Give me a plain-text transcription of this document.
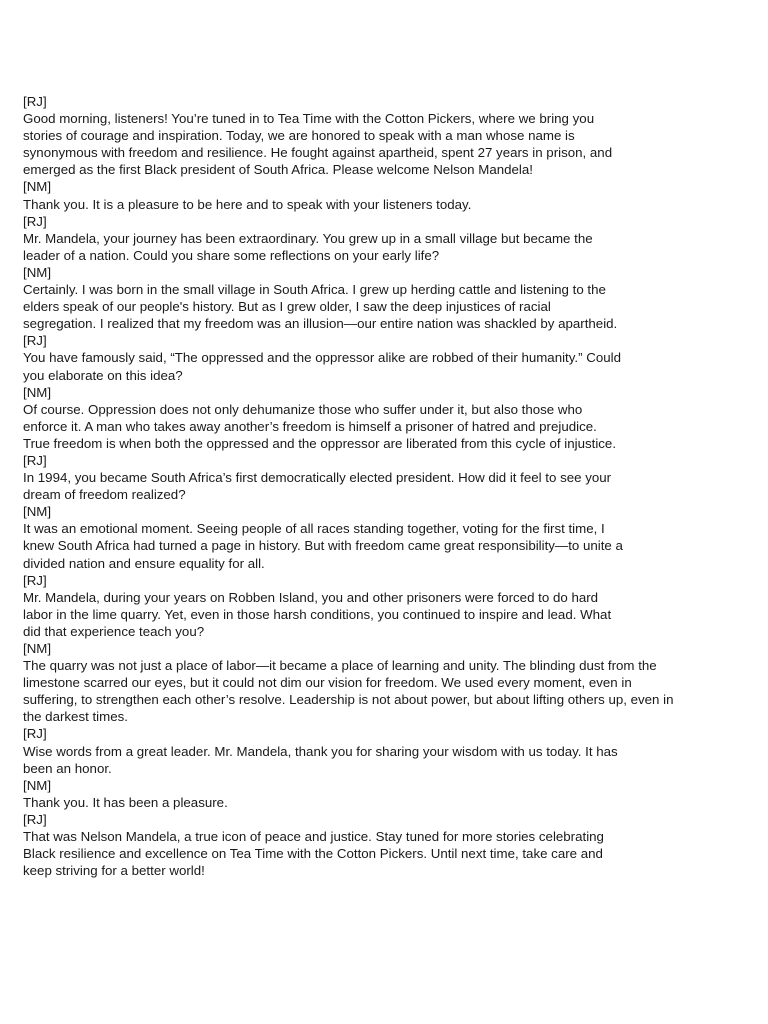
[RJ]
Good morning, listeners! You’re tuned in to Tea Time with the Cotton Pickers, where we bring you
stories of courage and inspiration. Today, we are honored to speak with a man whose name is
synonymous with freedom and resilience. He fought against apartheid, spent 27 years in prison, and
emerged as the first Black president of South Africa. Please welcome Nelson Mandela!
[NM]
Thank you. It is a pleasure to be here and to speak with your listeners today.
[RJ]
Mr. Mandela, your journey has been extraordinary. You grew up in a small village but became the
leader of a nation. Could you share some reflections on your early life?
[NM]
Certainly. I was born in the small village in South Africa. I grew up herding cattle and listening to the
elders speak of our people's history. But as I grew older, I saw the deep injustices of racial
segregation. I realized that my freedom was an illusion—our entire nation was shackled by apartheid.
[RJ]
You have famously said, “The oppressed and the oppressor alike are robbed of their humanity.” Could
you elaborate on this idea?
[NM]
Of course. Oppression does not only dehumanize those who suffer under it, but also those who
enforce it. A man who takes away another’s freedom is himself a prisoner of hatred and prejudice.
True freedom is when both the oppressed and the oppressor are liberated from this cycle of injustice.
[RJ]
In 1994, you became South Africa’s first democratically elected president. How did it feel to see your
dream of freedom realized?
[NM]
It was an emotional moment. Seeing people of all races standing together, voting for the first time, I
knew South Africa had turned a page in history. But with freedom came great responsibility—to unite a
divided nation and ensure equality for all.
[RJ]
Mr. Mandela, during your years on Robben Island, you and other prisoners were forced to do hard
labor in the lime quarry. Yet, even in those harsh conditions, you continued to inspire and lead. What
did that experience teach you?
[NM]
The quarry was not just a place of labor—it became a place of learning and unity. The blinding dust from the
limestone scarred our eyes, but it could not dim our vision for freedom. We used every moment, even in
suffering, to strengthen each other’s resolve. Leadership is not about power, but about lifting others up, even in
the darkest times.
[RJ]
Wise words from a great leader. Mr. Mandela, thank you for sharing your wisdom with us today. It has
been an honor.
[NM]
Thank you. It has been a pleasure.
[RJ]
That was Nelson Mandela, a true icon of peace and justice. Stay tuned for more stories celebrating
Black resilience and excellence on Tea Time with the Cotton Pickers. Until next time, take care and
keep striving for a better world!
